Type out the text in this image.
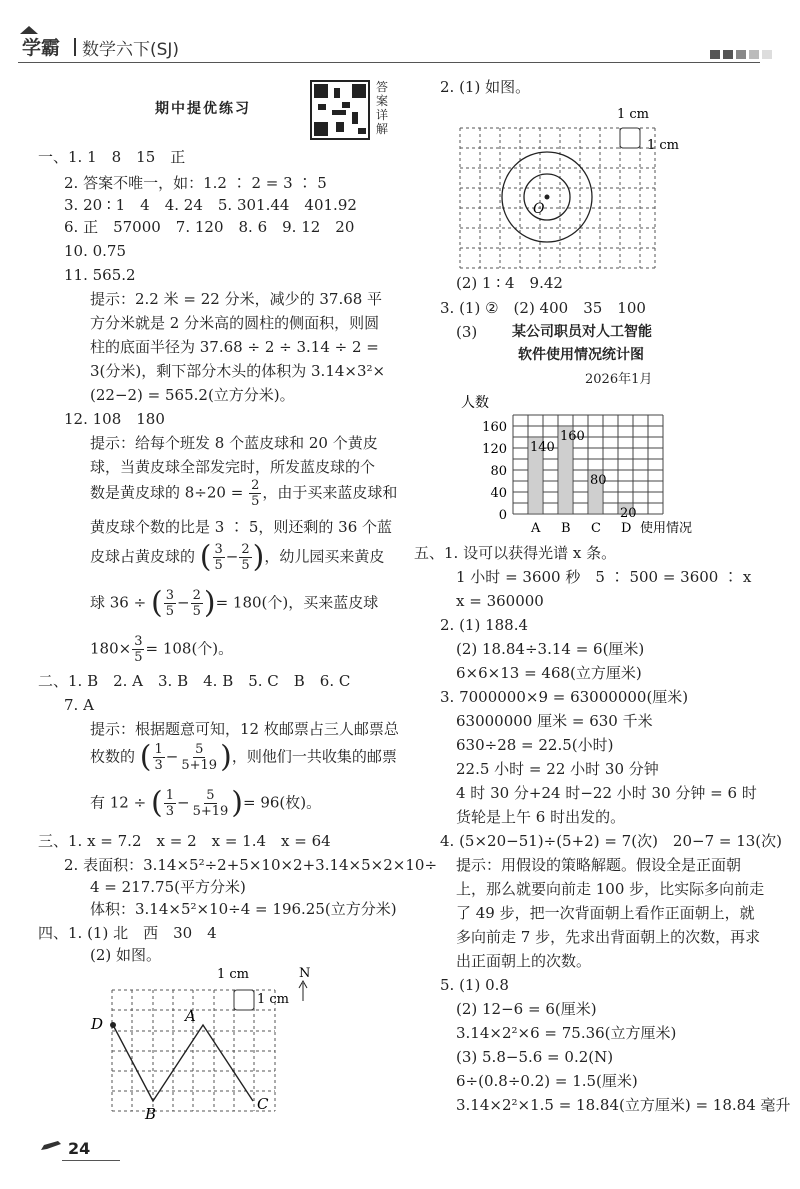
学霸 数学六下(SJ)
期中提优练习
答
案
详
解
一、1. 1　8　15　正
2. 答案不唯一，如：1.2 ∶ 2 = 3 ∶ 5
3. 20 ∶ 1　4　4. 24　5. 301.44　401.92
6. 正　57000　7. 120　8. 6　9. 12　20
10. 0.75
11. 565.2
提示：2.2 米 = 22 分米，减少的 37.68 平
方分米就是 2 分米高的圆柱的侧面积，则圆
柱的底面半径为 37.68 ÷ 2 ÷ 3.14 ÷ 2 =
3(分米)，剩下部分木头的体积为 3.14×3²×
(22−2) = 565.2(立方分米)。
12. 108　180
提示：给每个班发 8 个蓝皮球和 20 个黄皮
球，当黄皮球全部发完时，所发蓝皮球的个
数是黄皮球的 $8\div 20 = \frac{2}{5}$ ，由于买来蓝皮球和
黄皮球个数的比是 3 ∶ 5，则还剩的 36 个蓝
皮球占黄皮球的 ( $\frac{3}{5} - \frac{2}{5}$ )，幼儿园买来黄皮
球 36 ÷ ( $\frac{3}{5} - \frac{2}{5}$ )= 180(个)，买来蓝皮球
$180\times \frac{3}{5} = 108$(个)。
二、1. B　2. A　3. B　4. B　5. C　B　6. C
7. A
提示：根据题意可知，12 枚邮票占三人邮票总
枚数的 ( $\frac{1}{3} - \frac{5}{5+19}$ )，则他们一共收集的邮票
有 12 ÷ ( $\frac{1}{3} - \frac{5}{5+19}$ )= 96(枚)。
三、1. x = 7.2　x = 2　x = 1.4　x = 64
2. 表面积：3.14×5²÷2+5×10×2+3.14×5×2×10÷
4 = 217.75(平方分米)
体积：3.14×5²×10÷4 = 196.25(立方分米)
四、1. (1) 北　西　30　4
(2) 如图。
1 cm
1 cm
N
D	A
B
C
2. (1) 如图。
1 cm
1 cm
O
(2) 1 ∶ 4　9.42
3. (1) ②　(2) 400　35　100
(3) 某公司职员对人工智能
软件使用情况统计图
2026年1月
人数
0
40
80
120
160
140
A
160
B
80
C
20
D 使用情况
五、1. 设可以获得光谱 x 条。
1 小时 = 3600 秒　5 ∶ 500 = 3600 ∶ x
x = 360000
2. (1) 188.4
(2) 18.84÷3.14 = 6(厘米)
6×6×13 = 468(立方厘米)
3. 7000000×9 = 63000000(厘米)
63000000 厘米 = 630 千米
630÷28 = 22.5(小时)
22.5 小时 = 22 小时 30 分钟
4 时 30 分+24 时−22 小时 30 分钟 = 6 时
货轮是上午 6 时出发的。
4. (5×20−51)÷(5+2) = 7(次)　20−7 = 13(次)
提示：用假设的策略解题。假设全是正面朝
上，那么就要向前走 100 步，比实际多向前走
了 49 步，把一次背面朝上看作正面朝上，就
多向前走 7 步，先求出背面朝上的次数，再求
出正面朝上的次数。
5. (1) 0.8
(2) 12−6 = 6(厘米)
3.14×2²×6 = 75.36(立方厘米)
(3) 5.8−5.6 = 0.2(N)
6÷(0.8÷0.2) = 1.5(厘米)
3.14×2²×1.5 = 18.84(立方厘米) = 18.84 毫升
24
